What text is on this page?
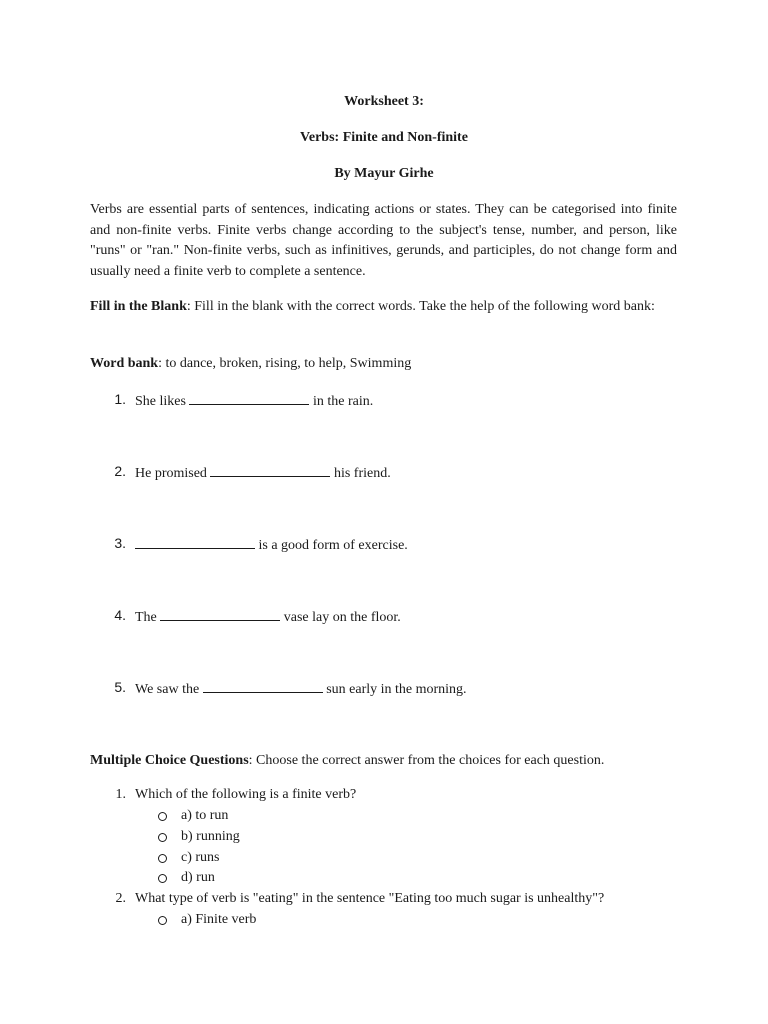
Worksheet 3:
Verbs: Finite and Non-finite
By Mayur Girhe
Verbs are essential parts of sentences, indicating actions or states. They can be categorised into finite and non-finite verbs. Finite verbs change according to the subject's tense, number, and person, like "runs" or "ran." Non-finite verbs, such as infinitives, gerunds, and participles, do not change form and usually need a finite verb to complete a sentence.
Fill in the Blank: Fill in the blank with the correct words. Take the help of the following word bank:
Word bank: to dance, broken, rising, to help, Swimming
1. She likes	in the rain.
2. He promised	his friend.
3.	is a good form of exercise.
4. The	vase lay on the floor.
5. We saw the	sun early in the morning.
Multiple Choice Questions: Choose the correct answer from the choices for each question.
1. Which of the following is a finite verb?
a) to run
b) running
c) runs
d) run
2. What type of verb is "eating" in the sentence "Eating too much sugar is unhealthy"?
a) Finite verb
